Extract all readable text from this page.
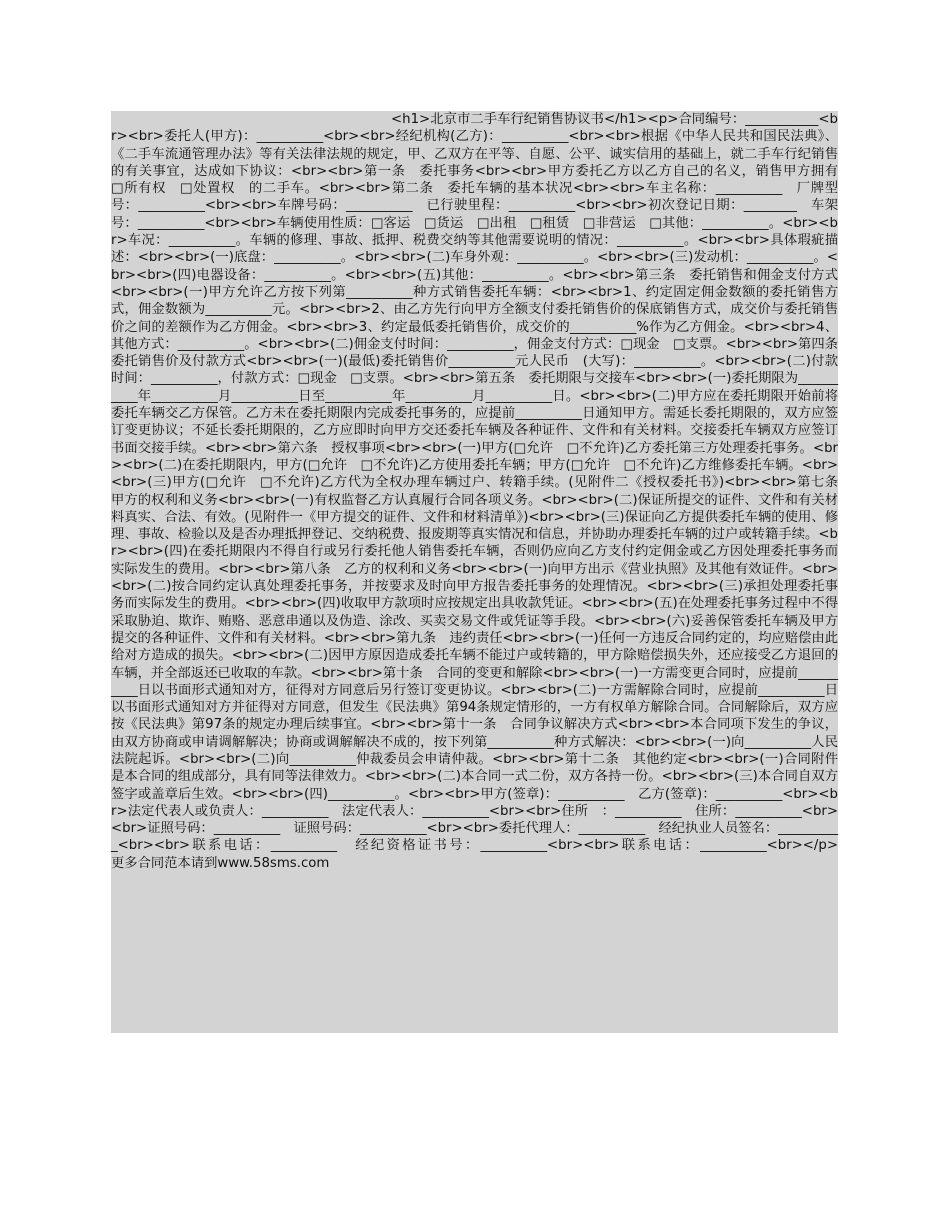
<h1>北京市二手车行纪销售协议书</h1><p>合同编号：___________<br><br>委托人(甲方)：__________<br><br>经纪机构(乙方)：__________<br><br>根据《中华人民共和国民法典》、《二手车流通管理办法》等有关法律法规的规定，甲、乙双方在平等、自愿、公平、诚实信用的基础上，就二手车行纪销售的有关事宜，达成如下协议：<br><br>第一条　委托事务<br><br>甲方委托乙方以乙方自己的名义，销售甲方拥有　□所有权　□处置权　的二手车。<br><br>第二条　委托车辆的基本状况<br><br>车主名称：__________　厂牌型号：__________<br><br>车牌号码：__________　已行驶里程：__________<br><br>初次登记日期：________　车架号：__________<br><br>车辆使用性质：□客运　□货运　□出租　□租赁　□非营运　□其他：__________。<br><br>车况：__________。车辆的修理、事故、抵押、税费交纳等其他需要说明的情况：__________。<br><br>具体瑕疵描述：<br><br>(一)底盘：__________。<br><br>(二)车身外观：__________。<br><br>(三)发动机：__________。<br><br>(四)电器设备：__________。<br><br>(五)其他：__________。<br><br>第三条　委托销售和佣金支付方式<br><br>(一)甲方允许乙方按下列第__________种方式销售委托车辆：<br><br>1、约定固定佣金数额的委托销售方式，佣金数额为__________元。<br><br>2、由乙方先行向甲方全额支付委托销售价的保底销售方式，成交价与委托销售价之间的差额作为乙方佣金。<br><br>3、约定最低委托销售价，成交价的__________%作为乙方佣金。<br><br>4、其他方式：__________。<br><br>(二)佣金支付时间：__________，佣金支付方式：□现金　□支票。<br><br>第四条　委托销售价及付款方式<br><br>(一)(最低)委托销售价__________元人民币　(大写)：__________。<br><br>(二)付款时间：__________，付款方式：□现金　□支票。<br><br>第五条　委托期限与交接车<br><br>(一)委托期限为__________年__________月__________日至__________年__________月__________日。<br><br>(二)甲方应在委托期限开始前将委托车辆交乙方保管。乙方未在委托期限内完成委托事务的，应提前__________日通知甲方。需延长委托期限的，双方应签订变更协议；不延长委托期限的，乙方应即时向甲方交还委托车辆及各种证件、文件和有关材料。交接委托车辆双方应签订书面交接手续。<br><br>第六条　授权事项<br><br>(一)甲方(□允许　□不允许)乙方委托第三方处理委托事务。<br><br>(二)在委托期限内，甲方(□允许　□不允许)乙方使用委托车辆；甲方(□允许　□不允许)乙方维修委托车辆。<br><br>(三)甲方(□允许　□不允许)乙方代为全权办理车辆过户、转籍手续。(见附件二《授权委托书》)<br><br>第七条　甲方的权利和义务<br><br>(一)有权监督乙方认真履行合同各项义务。<br><br>(二)保证所提交的证件、文件和有关材料真实、合法、有效。(见附件一《甲方提交的证件、文件和材料清单》)<br><br>(三)保证向乙方提供委托车辆的使用、修理、事故、检验以及是否办理抵押登记、交纳税费、报废期等真实情况和信息，并协助办理委托车辆的过户或转籍手续。<br><br>(四)在委托期限内不得自行或另行委托他人销售委托车辆，否则仍应向乙方支付约定佣金或乙方因处理委托事务而实际发生的费用。<br><br>第八条　乙方的权利和义务<br><br>(一)向甲方出示《营业执照》及其他有效证件。<br><br>(二)按合同约定认真处理委托事务，并按要求及时向甲方报告委托事务的处理情况。<br><br>(三)承担处理委托事务而实际发生的费用。<br><br>(四)收取甲方款项时应按规定出具收款凭证。<br><br>(五)在处理委托事务过程中不得采取胁迫、欺诈、贿赂、恶意串通以及伪造、涂改、买卖交易文件或凭证等手段。<br><br>(六)妥善保管委托车辆及甲方提交的各种证件、文件和有关材料。<br><br>第九条　违约责任<br><br>(一)任何一方违反合同约定的，均应赔偿由此给对方造成的损失。<br><br>(二)因甲方原因造成委托车辆不能过户或转籍的，甲方除赔偿损失外，还应接受乙方退回的车辆，并全部返还已收取的车款。<br><br>第十条　合同的变更和解除<br><br>(一)一方需变更合同时，应提前__________日以书面形式通知对方，征得对方同意后另行签订变更协议。<br><br>(二)一方需解除合同时，应提前__________日以书面形式通知对方并征得对方同意，但发生《民法典》第94条规定情形的，一方有权单方解除合同。合同解除后，双方应按《民法典》第97条的规定办理后续事宜。<br><br>第十一条　合同争议解决方式<br><br>本合同项下发生的争议，由双方协商或申请调解解决；协商或调解解决不成的，按下列第__________种方式解决：<br><br>(一)向__________人民法院起诉。<br><br>(二)向__________仲裁委员会申请仲裁。<br><br>第十二条　其他约定<br><br>(一)合同附件是本合同的组成部分，具有同等法律效力。<br><br>(二)本合同一式二份，双方各持一份。<br><br>(三)本合同自双方签字或盖章后生效。<br><br>(四)__________。<br><br>甲方(签章)：__________　乙方(签章)：__________<br><br>法定代表人或负责人：__________　法定代表人：__________<br><br>住所　：__________　住所：__________<br><br>证照号码：__________　证照号码：__________<br><br>委托代理人：__________　经纪执业人员签名：__________<br><br>联系电话：__________　经纪资格证书号：__________<br><br>联系电话：__________<br></p>                                    更多合同范本请到www.58sms.com
